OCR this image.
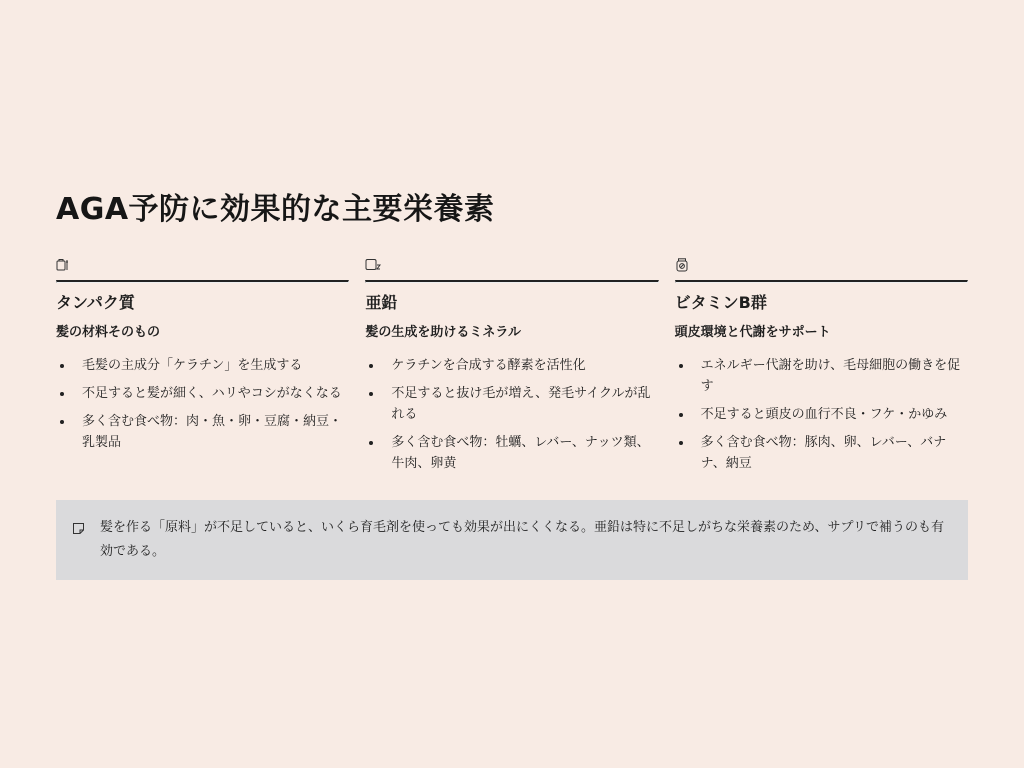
AGA予防に効果的な主要栄養素
タンパク質
髪の材料そのもの
毛髪の主成分「ケラチン」を生成する
不足すると髪が細く、ハリやコシがなくなる
多く含む食べ物：肉・魚・卵・豆腐・納豆・乳製品
亜鉛
髪の生成を助けるミネラル
ケラチンを合成する酵素を活性化
不足すると抜け毛が増え、発毛サイクルが乱れる
多く含む食べ物：牡蠣、レバー、ナッツ類、牛肉、卵黄
ビタミンB群
頭皮環境と代謝をサポート
エネルギー代謝を助け、毛母細胞の働きを促す
不足すると頭皮の血行不良・フケ・かゆみ
多く含む食べ物：豚肉、卵、レバー、バナナ、納豆

髪を作る「原料」が不足していると、いくら育毛剤を使っても効果が出にくくなる。亜鉛は特に不足しがちな栄養素のため、サプリで補うのも有効である。
